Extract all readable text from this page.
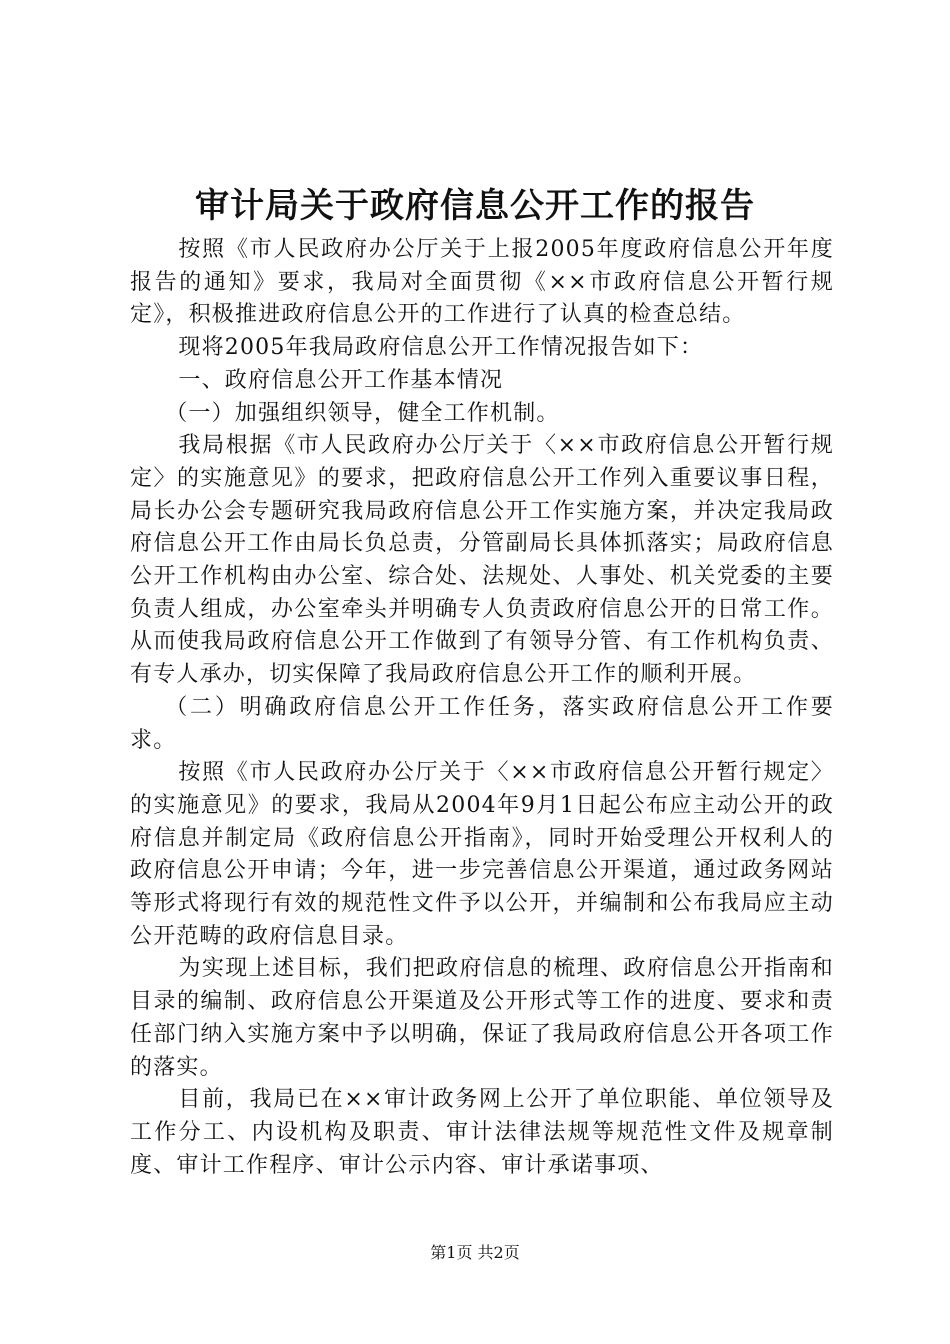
审计局关于政府信息公开工作的报告

按照《市人民政府办公厅关于上报2005年度政府信息公开年度报告的通知》要求，我局对全面贯彻《××市政府信息公开暂行规定》，积极推进政府信息公开的工作进行了认真的检查总结。

现将2005年我局政府信息公开工作情况报告如下：

一、政府信息公开工作基本情况

（一）加强组织领导，健全工作机制。

我局根据《市人民政府办公厅关于〈××市政府信息公开暂行规定〉的实施意见》的要求，把政府信息公开工作列入重要议事日程，局长办公会专题研究我局政府信息公开工作实施方案，并决定我局政府信息公开工作由局长负总责，分管副局长具体抓落实；局政府信息公开工作机构由办公室、综合处、法规处、人事处、机关党委的主要负责人组成，办公室牵头并明确专人负责政府信息公开的日常工作。从而使我局政府信息公开工作做到了有领导分管、有工作机构负责、有专人承办，切实保障了我局政府信息公开工作的顺利开展。

（二）明确政府信息公开工作任务，落实政府信息公开工作要求。

按照《市人民政府办公厅关于〈××市政府信息公开暂行规定〉的实施意见》的要求，我局从2004年9月1日起公布应主动公开的政府信息并制定局《政府信息公开指南》，同时开始受理公开权利人的政府信息公开申请；今年，进一步完善信息公开渠道，通过政务网站等形式将现行有效的规范性文件予以公开，并编制和公布我局应主动公开范畴的政府信息目录。

为实现上述目标，我们把政府信息的梳理、政府信息公开指南和目录的编制、政府信息公开渠道及公开形式等工作的进度、要求和责任部门纳入实施方案中予以明确，保证了我局政府信息公开各项工作的落实。

目前，我局已在××审计政务网上公开了单位职能、单位领导及工作分工、内设机构及职责、审计法律法规等规范性文件及规章制度、审计工作程序、审计公示内容、审计承诺事项、

第1页 共2页
